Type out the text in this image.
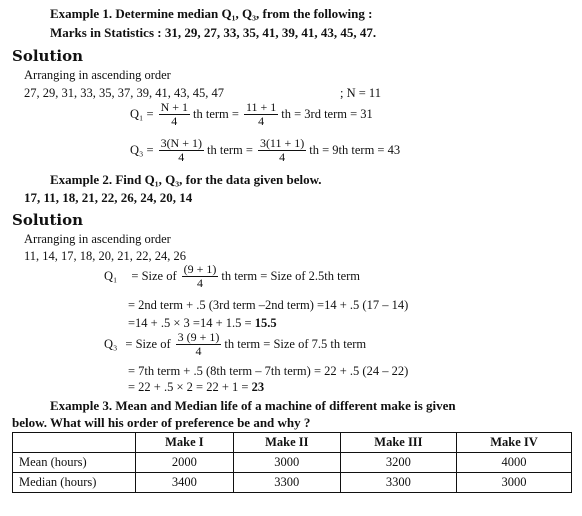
Example 1. Determine median Q₁, Q₃, from the following :
Marks in Statistics : 31, 29, 27, 33, 35, 41, 39, 41, 43, 45, 47.
Solution
Arranging in ascending order
27, 29, 31, 33, 35, 37, 39, 41, 43, 45, 47	; N = 11
$Q_1 = \frac{N + 1}{4}$ th term = $\frac{11 + 1}{4}$ th = 3rd term = 31
$Q_3 = \frac{3(N + 1)}{4}$ th term = $\frac{3(11 + 1)}{4}$ th = 9th term = 43
Example 2. Find Q₁, Q₃, for the data given below.
17, 11, 18, 21, 22, 26, 24, 20, 14
Solution
Arranging in ascending order
11, 14, 17, 18, 20, 21, 22, 24, 26
Q₁ = Size of $\frac{(9 + 1)}{4}$ th term = Size of 2.5th term
= 2nd term + .5 (3rd term –2nd term) =14 + .5 (17 – 14)
=14 + .5 × 3 =14 + 1.5 = 15.5
Q₃ = Size of $\frac{3 (9 + 1)}{4}$ th term = Size of 7.5 th term
= 7th term + .5 (8th term – 7th term) = 22 + .5 (24 – 22)
= 22 + .5 × 2 = 22 + 1 = 23
Example 3. Mean and Median life of a machine of different make is given
below. What will his order of preference be and why ?
	Make I	Make II	Make III	Make IV
Mean (hours)	2000	3000	3200	4000
Median (hours)	3400	3300	3300	3000
